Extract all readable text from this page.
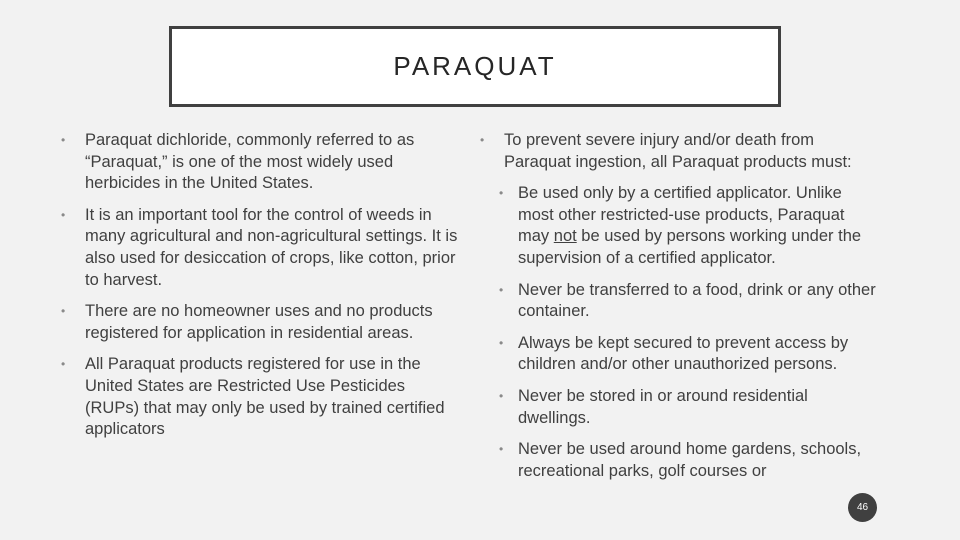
PARAQUAT
• Paraquat dichloride, commonly referred to as “Paraquat,” is one of the most widely used herbicides in the United States.
• It is an important tool for the control of weeds in many agricultural and non-agricultural settings. It is also used for desiccation of crops, like cotton, prior to harvest.
• There are no homeowner uses and no products registered for application in residential areas.
• All Paraquat products registered for use in the United States are Restricted Use Pesticides (RUPs) that may only be used by trained certified applicators
• To prevent severe injury and/or death from Paraquat ingestion, all Paraquat products must:
• Be used only by a certified applicator. Unlike most other restricted-use products, Paraquat may not be used by persons working under the supervision of a certified applicator.
• Never be transferred to a food, drink or any other container.
• Always be kept secured to prevent access by children and/or other unauthorized persons.
• Never be stored in or around residential dwellings.
• Never be used around home gardens, schools, recreational parks, golf courses or
46
